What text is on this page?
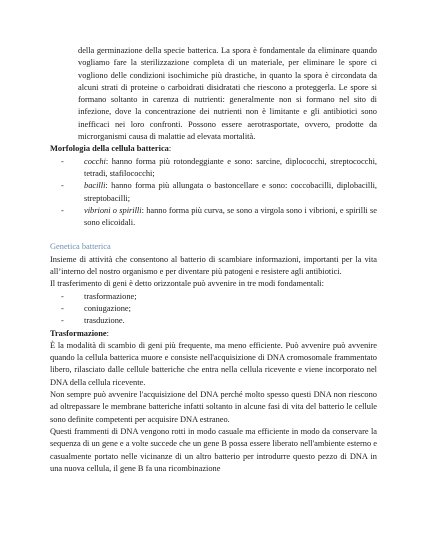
della germinazione della specie batterica. La spora è fondamentale da eliminare quando vogliamo fare la sterilizzazione completa di un materiale, per eliminare le spore ci vogliono delle condizioni isochimiche più drastiche, in quanto la spora è circondata da alcuni strati di proteine o carboidrati disidratati che riescono a proteggerla. Le spore si formano soltanto in carenza di nutrienti: generalmente non si formano nel sito di infezione, dove la concentrazione dei nutrienti non è limitante e gli antibiotici sono inefficaci nei loro confronti. Possono essere aerotrasportate, ovvero, prodotte da microrganismi causa di malattie ad elevata mortalità.

Morfologia della cellula batterica:

- cocchi: hanno forma più rotondeggiante e sono: sarcine, diplococchi, streptococchi, tetradi, stafilococchi;
- bacilli: hanno forma più allungata o bastoncellare e sono: coccobacilli, diplobacilli, streptobacilli;
- vibrioni o spirilli: hanno forma più curva, se sono a virgola sono i vibrioni, e spirilli se sono elicoidali.

Genetica batterica

Insieme di attività che consentono al batterio di scambiare informazioni, importanti per la vita all’interno del nostro organismo e per diventare più patogeni e resistere agli antibiotici.

Il trasferimento di geni è detto orizzontale può avvenire in tre modi fondamentali:

- trasformazione;
- coniugazione;
- trasduzione.

Trasformazione:

È la modalità di scambio di geni più frequente, ma meno efficiente. Può avvenire può avvenire quando la cellula batterica muore e consiste nell'acquisizione di DNA cromosomale frammentato libero, rilasciato dalle cellule batteriche che entra nella cellula ricevente e viene incorporato nel DNA della cellula ricevente.

Non sempre può avvenire l'acquisizione del DNA perché molto spesso questi DNA non riescono ad oltrepassare le membrane batteriche infatti soltanto in alcune fasi di vita del batterio le cellule sono definite competenti per acquisire DNA estraneo.

Questi frammenti di DNA vengono rotti in modo casuale ma efficiente in modo da conservare la sequenza di un gene e a volte succede che un gene B possa essere liberato nell'ambiente esterno e casualmente portato nelle vicinanze di un altro batterio per introdurre questo pezzo di DNA in una nuova cellula, il gene B fa una ricombinazione
